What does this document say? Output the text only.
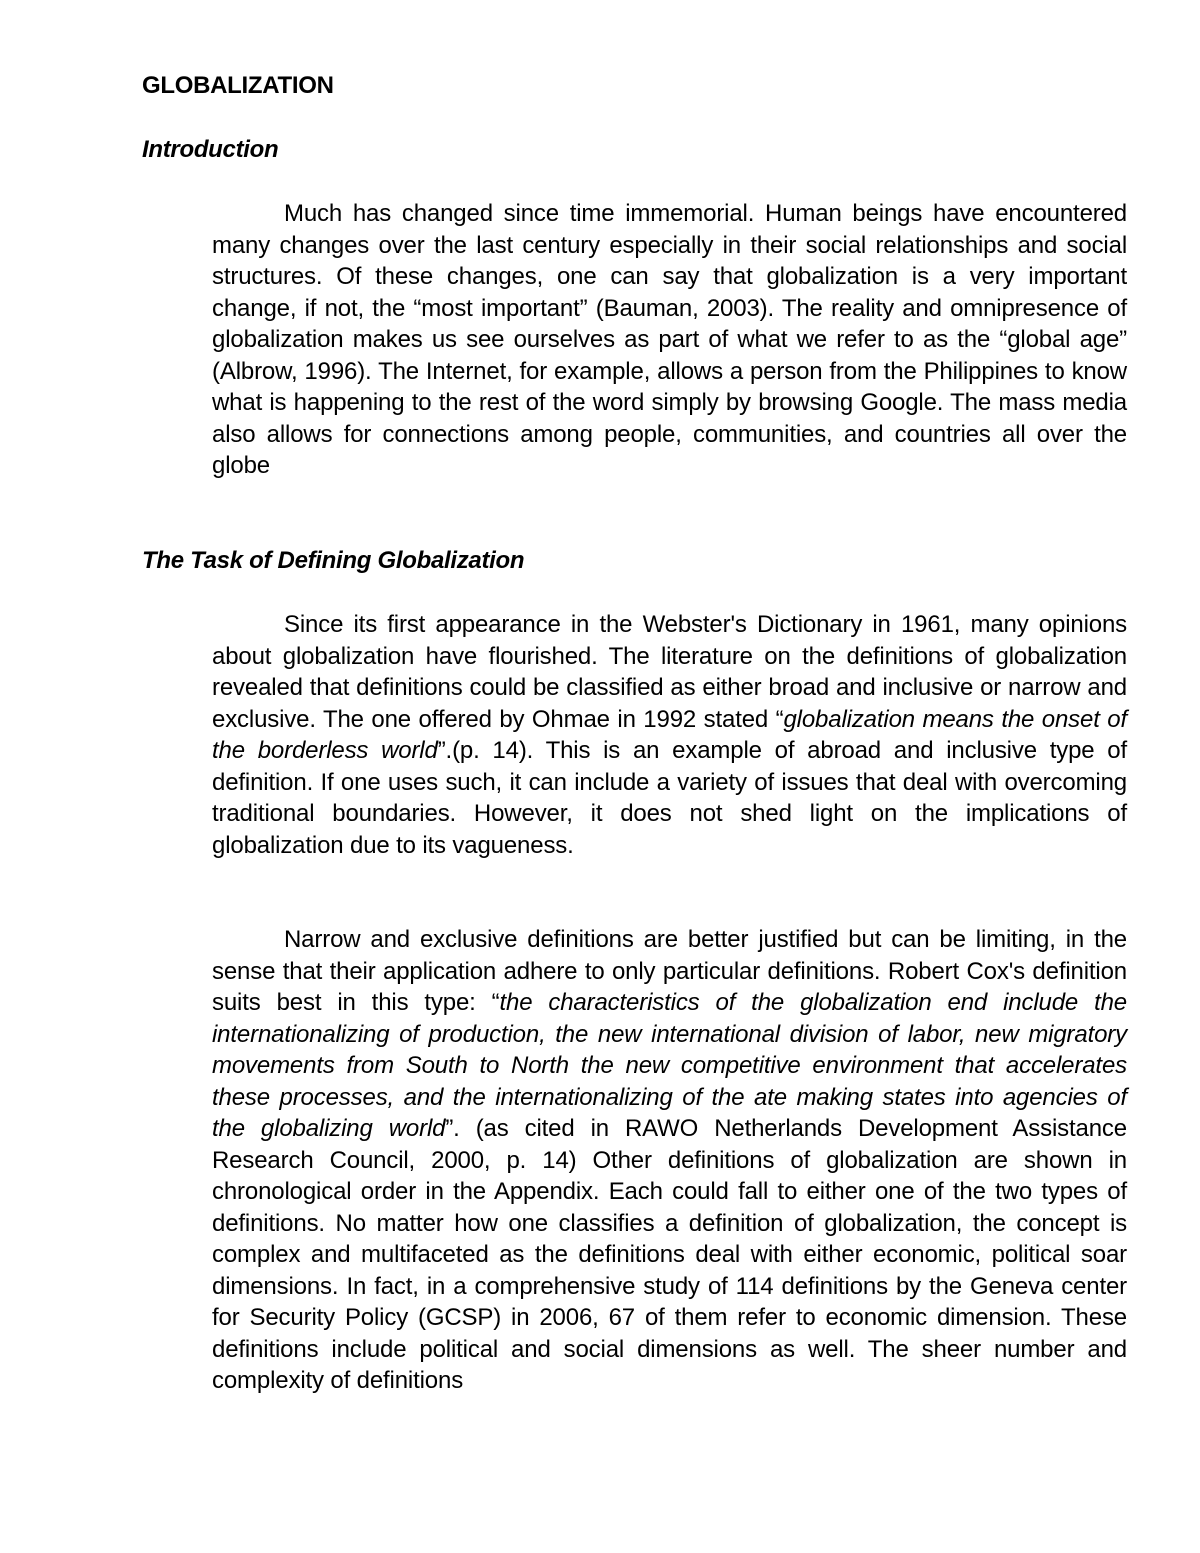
GLOBALIZATION
Introduction

Much has changed since time immemorial. Human beings have encountered many changes over the last century especially in their social relationships and social structures. Of these changes, one can say that globalization is a very important change, if not, the “most important” (Bauman, 2003). The reality and omnipresence of globalization makes us see ourselves as part of what we refer to as the “global age” (Albrow, 1996). The Internet, for example, allows a person from the Philippines to know what is happening to the rest of the word simply by browsing Google. The mass media also allows for connections among people, communities, and countries all over the globe

The Task of Defining Globalization

Since its first appearance in the Webster's Dictionary in 1961, many opinions about globalization have flourished. The literature on the definitions of globalization revealed that definitions could be classified as either broad and inclusive or narrow and exclusive. The one offered by Ohmae in 1992 stated “globalization means the onset of the borderless world”.(p. 14). This is an example of abroad and inclusive type of definition. If one uses such, it can include a variety of issues that deal with overcoming traditional boundaries. However, it does not shed light on the implications of globalization due to its vagueness.

Narrow and exclusive definitions are better justified but can be limiting, in the sense that their application adhere to only particular definitions. Robert Cox's definition suits best in this type: “the characteristics of the globalization end include the internationalizing of production, the new international division of labor, new migratory movements from South to North the new competitive environment that accelerates these processes, and the internationalizing of the ate making states into agencies of the globalizing world”. (as cited in RAWO Netherlands Development Assistance Research Council, 2000, p. 14) Other definitions of globalization are shown in chronological order in the Appendix. Each could fall to either one of the two types of definitions. No matter how one classifies a definition of globalization, the concept is complex and multifaceted as the definitions deal with either economic, political soar dimensions. In fact, in a comprehensive study of 114 definitions by the Geneva center for Security Policy (GCSP) in 2006, 67 of them refer to economic dimension. These definitions include political and social dimensions as well. The sheer number and complexity of definitions
